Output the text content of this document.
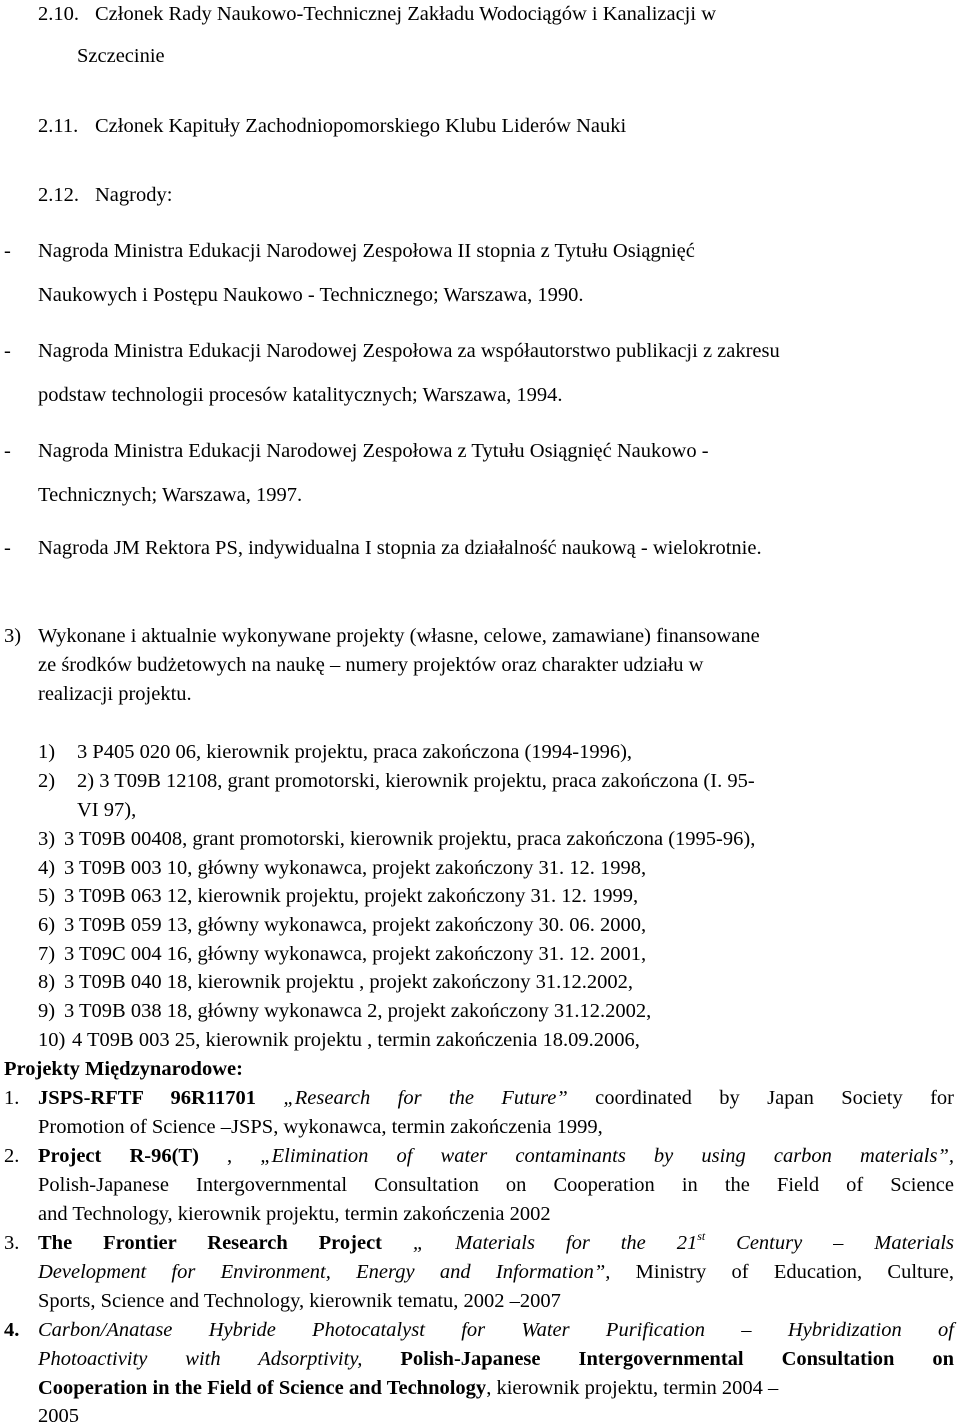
2.10. Członek Rady Naukowo-Technicznej Zakładu Wodociągów i Kanalizacji w
Szczecinie
2.11. Członek Kapituły Zachodniopomorskiego Klubu Liderów Nauki
2.12. Nagrody:
- Nagroda Ministra Edukacji Narodowej Zespołowa II stopnia z Tytułu Osiągnięć
Naukowych i Postępu Naukowo - Technicznego; Warszawa, 1990.
- Nagroda Ministra Edukacji Narodowej Zespołowa za współautorstwo publikacji z zakresu
podstaw technologii procesów katalitycznych; Warszawa, 1994.
- Nagroda Ministra Edukacji Narodowej Zespołowa z Tytułu Osiągnięć Naukowo -
Technicznych; Warszawa, 1997.
- Nagroda JM Rektora PS, indywidualna I stopnia za działalność naukową - wielokrotnie.
3) Wykonane i aktualnie wykonywane projekty (własne, celowe, zamawiane) finansowane
ze środków budżetowych na naukę – numery projektów oraz charakter udziału w
realizacji projektu.
1) 3 P405 020 06, kierownik projektu, praca zakończona (1994-1996),
2) 2) 3 T09B 12108, grant promotorski, kierownik projektu, praca zakończona (I. 95-
VI 97),
3) 3 T09B 00408, grant promotorski, kierownik projektu, praca zakończona (1995-96),
4) 3 T09B 003 10, główny wykonawca, projekt zakończony 31. 12. 1998,
5) 3 T09B 063 12, kierownik projektu, projekt zakończony 31. 12. 1999,
6) 3 T09B 059 13, główny wykonawca, projekt zakończony 30. 06. 2000,
7) 3 T09C 004 16, główny wykonawca, projekt zakończony 31. 12. 2001,
8) 3 T09B 040 18, kierownik projektu , projekt zakończony 31.12.2002,
9) 3 T09B 038 18, główny wykonawca 2, projekt zakończony 31.12.2002,
10) 4 T09B 003 25, kierownik projektu , termin zakończenia 18.09.2006,
Projekty Międzynarodowe:
1. JSPS-RFTF 96R11701 „Research for the Future” coordinated by Japan Society for
Promotion of Science –JSPS, wykonawca, termin zakończenia 1999,
2. Project R-96(T) , „Elimination of water contaminants by using carbon materials”,
Polish-Japanese Intergovernmental Consultation on Cooperation in the Field of Science
and Technology, kierownik projektu, termin zakończenia 2002
3. The Frontier Research Project „ Materials for the 21st Century – Materials
Development for Environment, Energy and Information”, Ministry of Education, Culture,
Sports, Science and Technology, kierownik tematu, 2002 –2007
4. Carbon/Anatase Hybride Photocatalyst for Water Purification – Hybridization of
Photoactivity with Adsorptivity, Polish-Japanese Intergovernmental Consultation on
Cooperation in the Field of Science and Technology, kierownik projektu, termin 2004 –
2005
